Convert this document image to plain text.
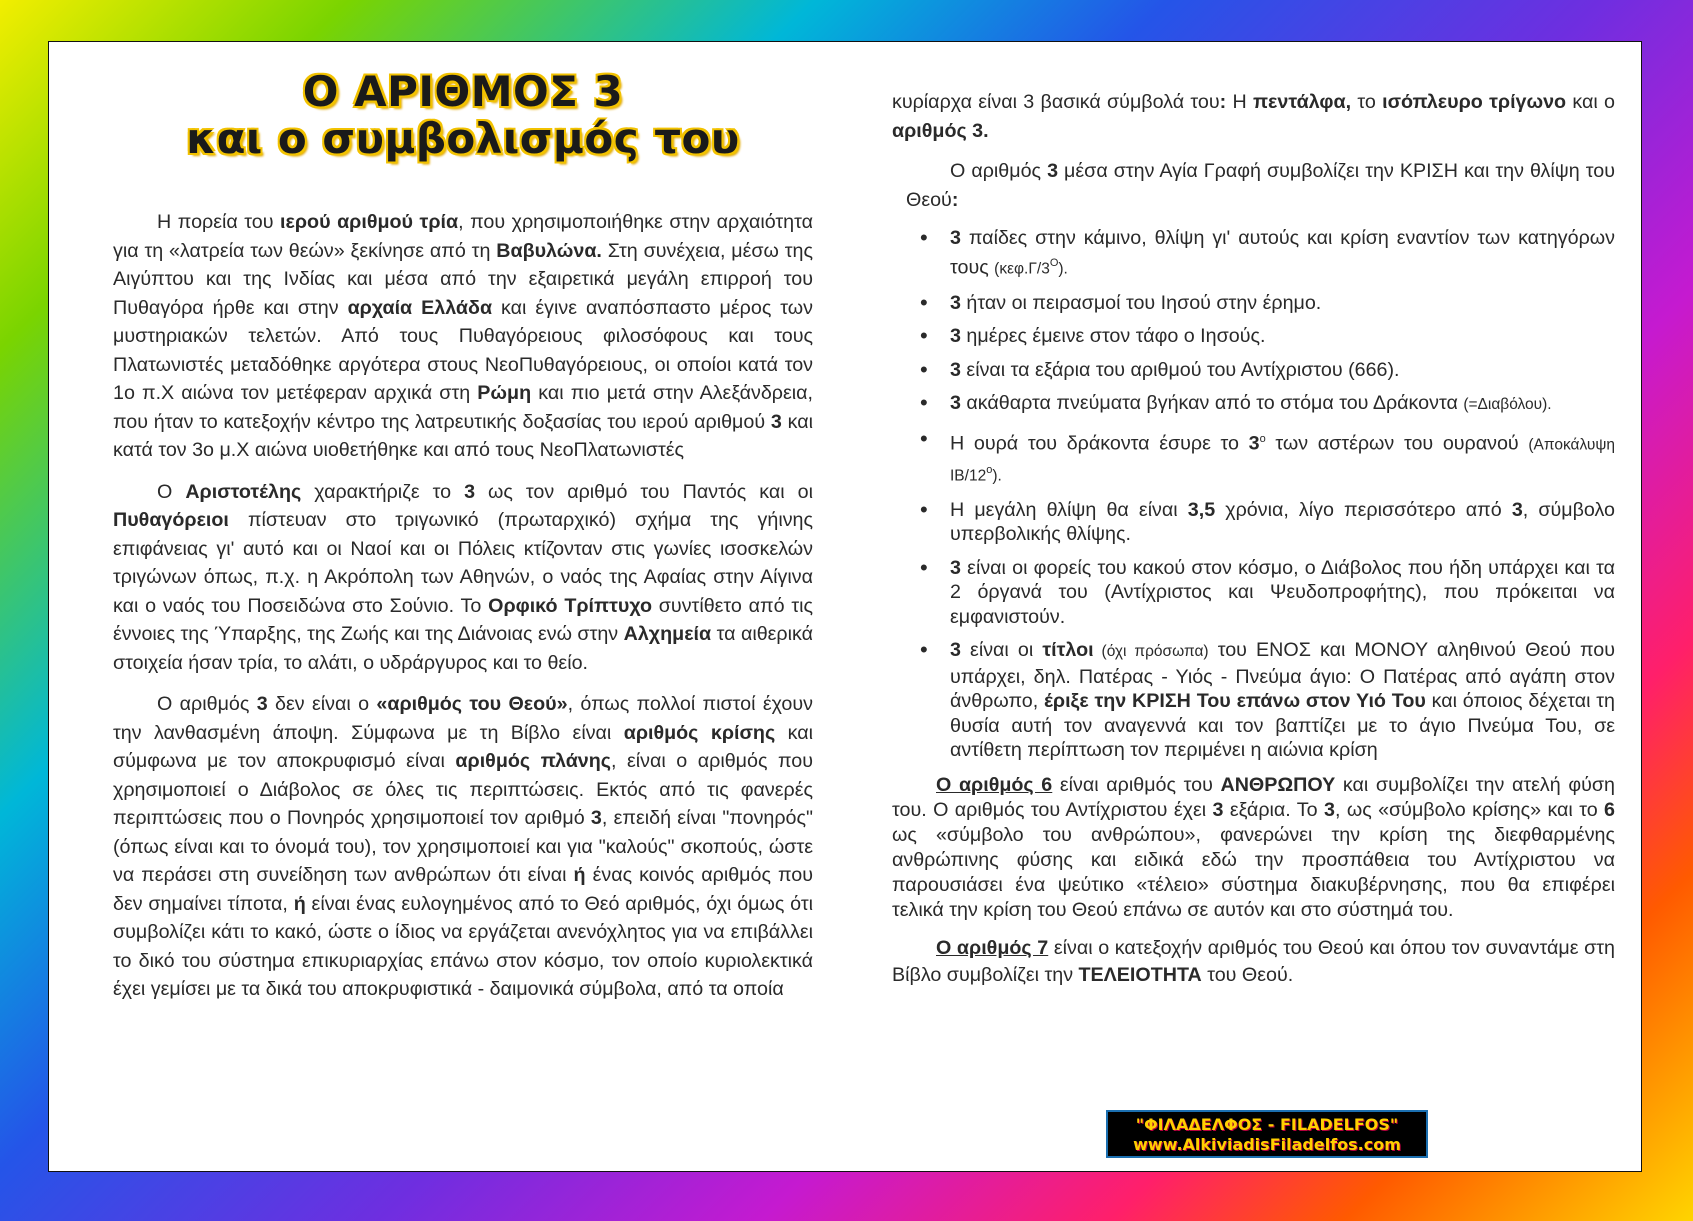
Ο ΑΡΙΘΜΟΣ 3
και ο συμβολισμός του

Η πορεία του ιερού αριθμού τρία, που χρησιμοποιήθηκε στην αρχαιότητα για τη «λατρεία των θεών» ξεκίνησε από τη Βαβυλώνα. Στη συνέχεια, μέσω της Αιγύπτου και της Ινδίας και μέσα από την εξαιρετικά μεγάλη επιρροή του Πυθαγόρα ήρθε και στην αρχαία Ελλάδα και έγινε αναπόσπαστο μέρος των μυστηριακών τελετών. Από τους Πυθαγόρειους φιλοσόφους και τους Πλατωνιστές μεταδόθηκε αργότερα στους ΝεοΠυθαγόρειους, οι οποίοι κατά τον 1ο π.Χ αιώνα τον μετέφεραν αρχικά στη Ρώμη και πιο μετά στην Αλεξάνδρεια, που ήταν το κατεξοχήν κέντρο της λατρευτικής δοξασίας του ιερού αριθμού 3 και κατά τον 3ο μ.Χ αιώνα υιοθετήθηκε και από τους ΝεοΠλατωνιστές

Ο Αριστοτέλης χαρακτήριζε το 3 ως τον αριθμό του Παντός και οι Πυθαγόρειοι πίστευαν στο τριγωνικό (πρωταρχικό) σχήμα της γήινης επιφάνειας γι' αυτό και οι Ναοί και οι Πόλεις κτίζονταν στις γωνίες ισοσκελών τριγώνων όπως, π.χ. η Ακρόπολη των Αθηνών, ο ναός της Αφαίας στην Αίγινα και ο ναός του Ποσειδώνα στο Σούνιο. Το Ορφικό Τρίπτυχο συντίθετο από τις έννοιες της Ύπαρξης, της Ζωής και της Διάνοιας ενώ στην Αλχημεία τα αιθερικά στοιχεία ήσαν τρία, το αλάτι, ο υδράργυρος και το θείο.

Ο αριθμός 3 δεν είναι ο «αριθμός του Θεού», όπως πολλοί πιστοί έχουν την λανθασμένη άποψη. Σύμφωνα με τη Βίβλο είναι αριθμός κρίσης και σύμφωνα με τον αποκρυφισμό είναι αριθμός πλάνης, είναι ο αριθμός που χρησιμοποιεί ο Διάβολος σε όλες τις περιπτώσεις. Εκτός από τις φανερές περιπτώσεις που ο Πονηρός χρησιμοποιεί τον αριθμό 3, επειδή είναι "πονηρός" (όπως είναι και το όνομά του), τον χρησιμοποιεί και για "καλούς" σκοπούς, ώστε να περάσει στη συνείδηση των ανθρώπων ότι είναι ή ένας κοινός αριθμός που δεν σημαίνει τίποτα, ή είναι ένας ευλογημένος από το Θεό αριθμός, όχι όμως ότι συμβολίζει κάτι το κακό, ώστε ο ίδιος να εργάζεται ανενόχλητος για να επιβάλλει το δικό του σύστημα επικυριαρχίας επάνω στον κόσμο, τον οποίο κυριολεκτικά έχει γεμίσει με τα δικά του αποκρυφιστικά - δαιμονικά σύμβολα, από τα οποία

κυρίαρχα είναι 3 βασικά σύμβολά του: Η πεντάλφα, το ισόπλευρο τρίγωνο και ο αριθμός 3.

Ο αριθμός 3 μέσα στην Αγία Γραφή συμβολίζει την ΚΡΙΣΗ και την θλίψη του Θεού:

• 3 παίδες στην κάμινο, θλίψη γι' αυτούς και κρίση εναντίον των κατηγόρων τους $(\kappa\varepsilon\varphi.\Gamma/3^O)$.
• 3 ήταν οι πειρασμοί του Ιησού στην έρημο.
• 3 ημέρες έμεινε στον τάφο ο Ιησούς.
• 3 είναι τα εξάρια του αριθμού του Αντίχριστου (666).
• 3 ακάθαρτα πνεύματα βγήκαν από το στόμα του Δράκοντα (=Διαβόλου).
• Η ουρά του δράκοντα έσυρε το $3^o$ των αστέρων του ουρανού (Αποκάλυψη $IB/12^o$).
• Η μεγάλη θλίψη θα είναι 3,5 χρόνια, λίγο περισσότερο από 3, σύμβολο υπερβολικής θλίψης.
• 3 είναι οι φορείς του κακού στον κόσμο, ο Διάβολος που ήδη υπάρχει και τα 2 όργανά του (Αντίχριστος και Ψευδοπροφήτης), που πρόκειται να εμφανιστούν.
• 3 είναι οι τίτλοι (όχι πρόσωπα) του ΕΝΟΣ και ΜΟΝΟΥ αληθινού Θεού που υπάρχει, δηλ. Πατέρας - Υιός - Πνεύμα άγιο: Ο Πατέρας από αγάπη στον άνθρωπο, έριξε την ΚΡΙΣΗ Του επάνω στον Υιό Του και όποιος δέχεται τη θυσία αυτή τον αναγεννά και τον βαπτίζει με το άγιο Πνεύμα Του, σε αντίθετη περίπτωση τον περιμένει η αιώνια κρίση

Ο αριθμός 6 είναι αριθμός του ΑΝΘΡΩΠΟΥ και συμβολίζει την ατελή φύση του. Ο αριθμός του Αντίχριστου έχει 3 εξάρια. Το 3, ως «σύμβολο κρίσης» και το 6 ως «σύμβολο του ανθρώπου», φανερώνει την κρίση της διεφθαρμένης ανθρώπινης φύσης και ειδικά εδώ την προσπάθεια του Αντίχριστου να παρουσιάσει ένα ψεύτικο «τέλειο» σύστημα διακυβέρνησης, που θα επιφέρει τελικά την κρίση του Θεού επάνω σε αυτόν και στο σύστημά του.

Ο αριθμός 7 είναι ο κατεξοχήν αριθμός του Θεού και όπου τον συναντάμε στη Βίβλο συμβολίζει την ΤΕΛΕΙΟΤΗΤΑ του Θεού.

"ΦΙΛΑΔΕΛΦΟΣ - FILADELFOS"
www.AlkiviadisFiladelfos.com
